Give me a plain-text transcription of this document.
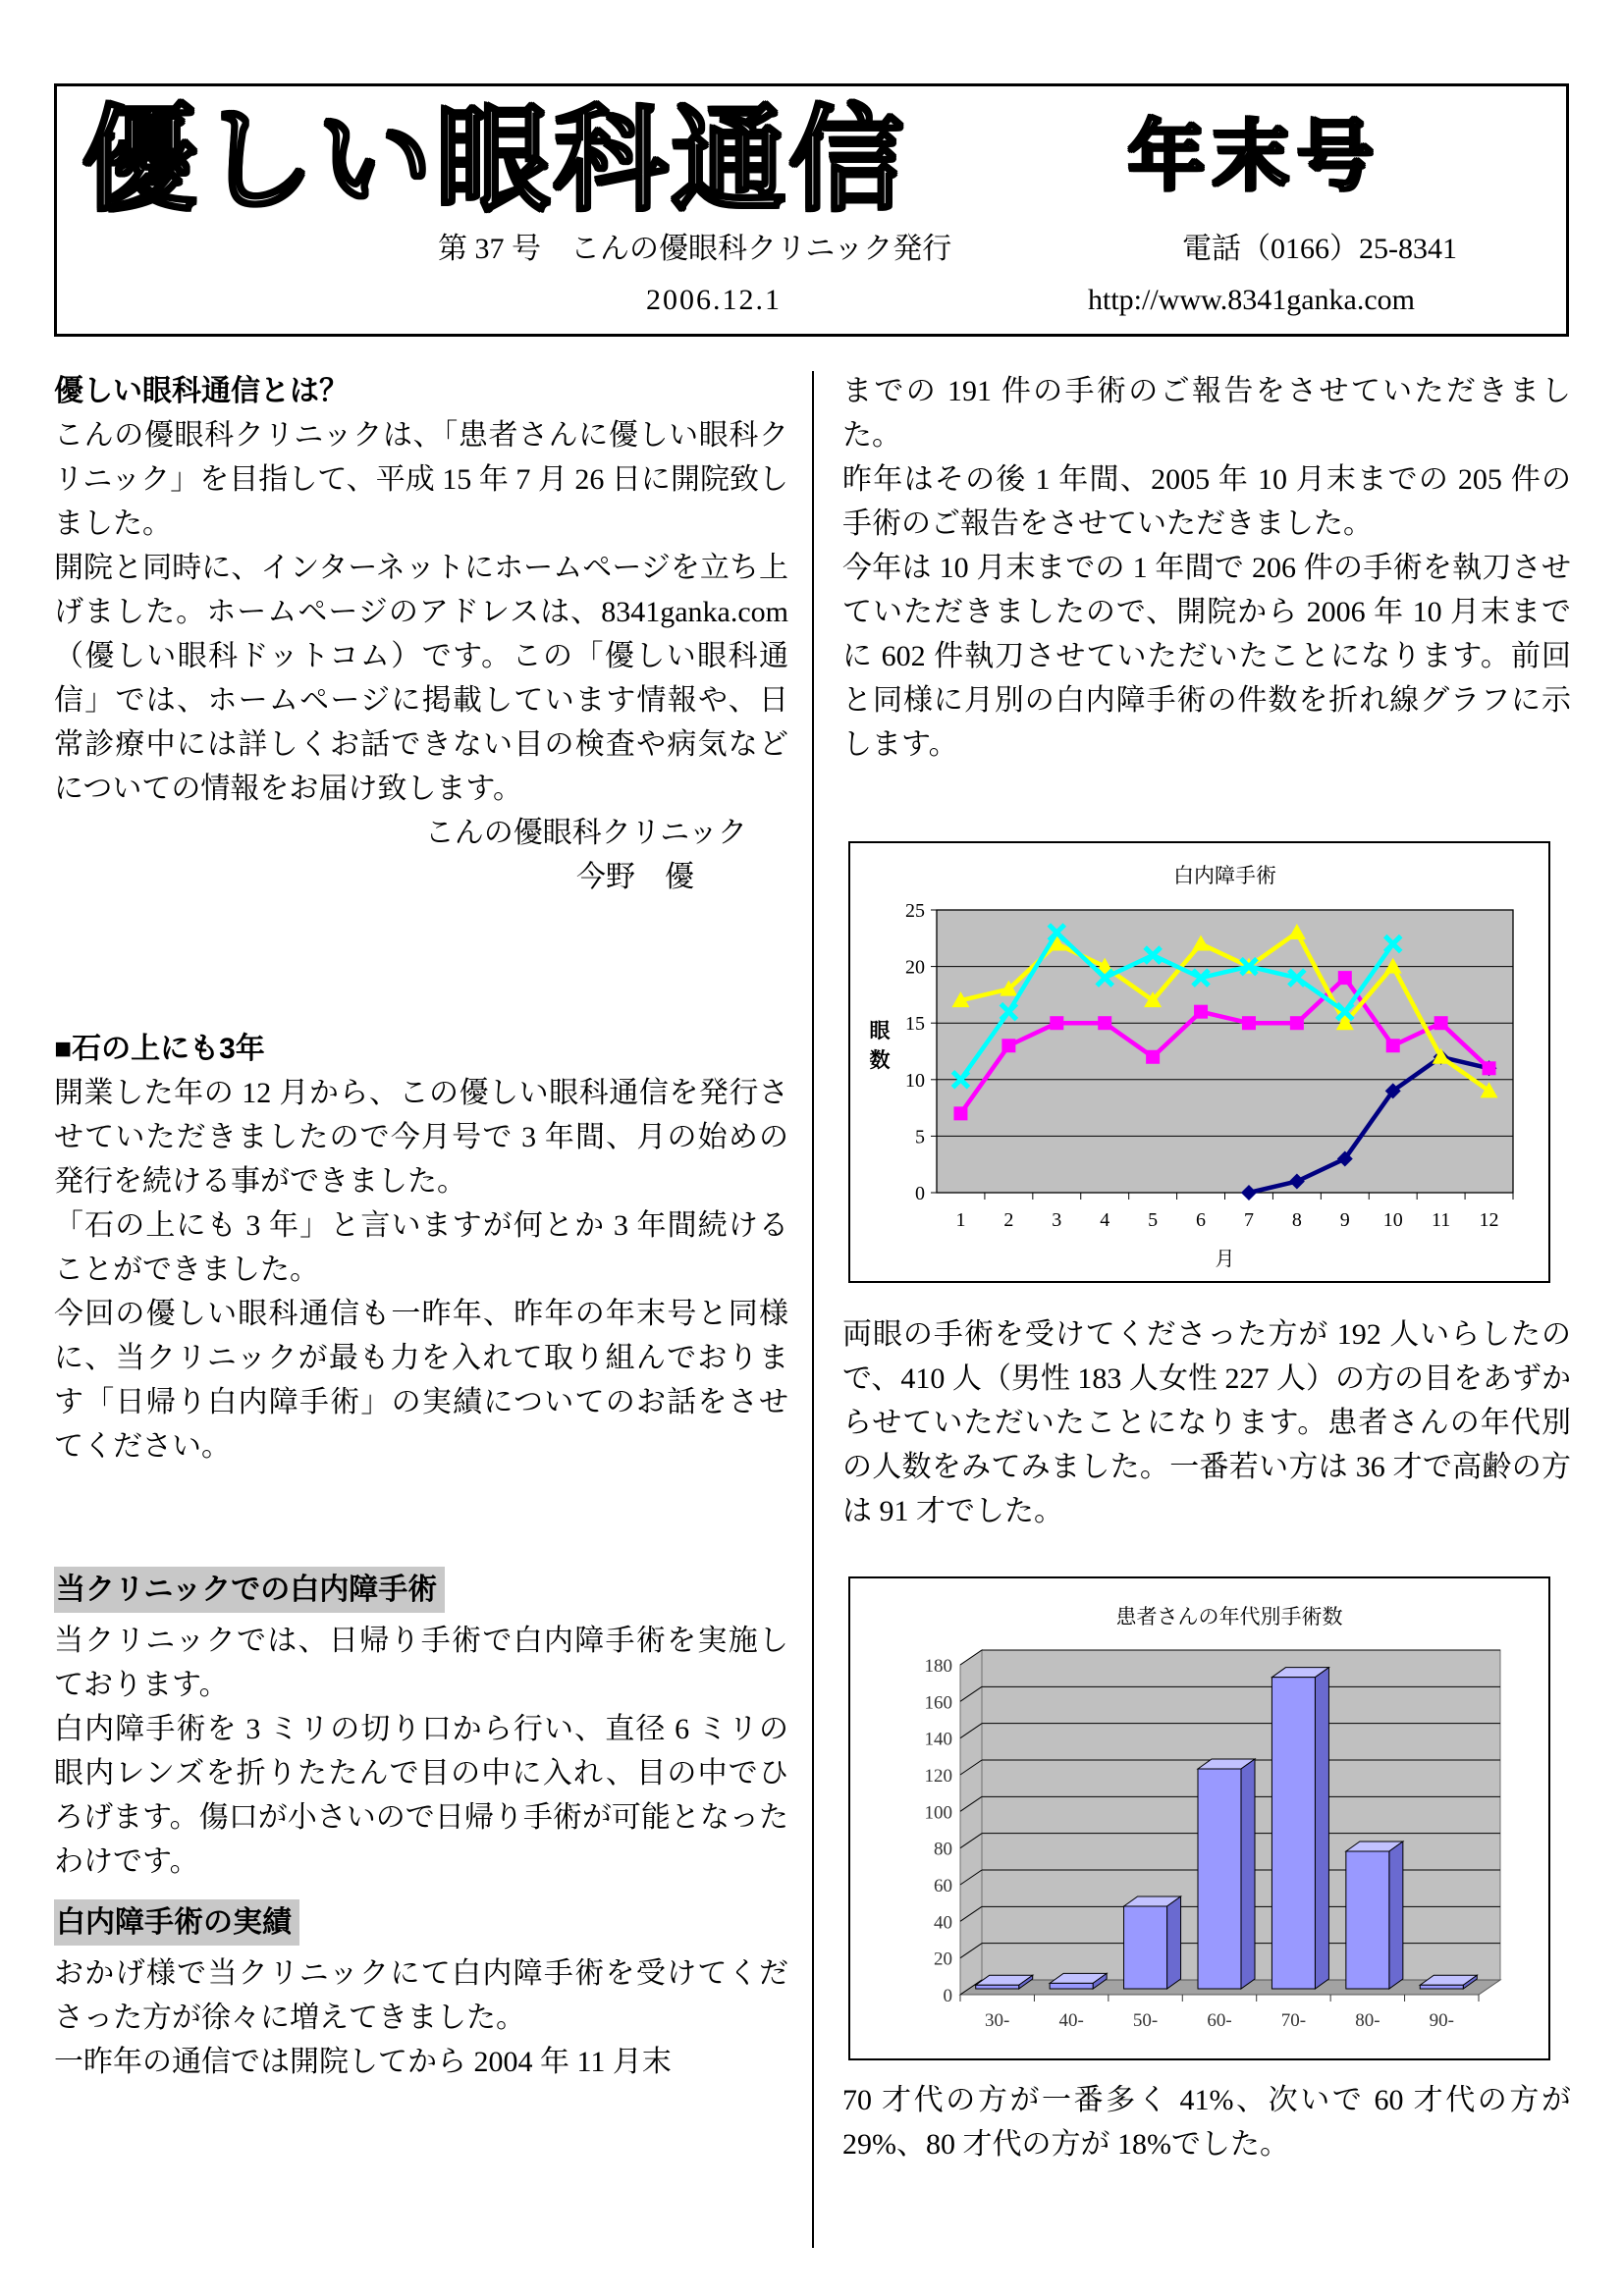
優しい眼科通信	年末号
第 37 号　こんの優眼科クリニック発行	電話（0166）25-8341
2006.12.1	http://www.8341ganka.com
優しい眼科通信とは？

こんの優眼科クリニックは、「患者さんに優しい眼科クリニック」を目指して、平成 15 年 7 月 26 日に開院致しました。

開院と同時に、インターネットにホームページを立ち上げました。ホームページのアドレスは、8341ganka.com（優しい眼科ドットコム）です。この「優しい眼科通信」では、ホームページに掲載しています情報や、日常診療中には詳しくお話できない目の検査や病気などについての情報をお届け致します。

こんの優眼科クリニック
今野　優
■石の上にも3年

開業した年の 12 月から、この優しい眼科通信を発行させていただきましたので今月号で 3 年間、月の始めの発行を続ける事ができました。

「石の上にも 3 年」と言いますが何とか 3 年間続けることができました。

今回の優しい眼科通信も一昨年、昨年の年末号と同様に、当クリニックが最も力を入れて取り組んでおります「日帰り白内障手術」の実績についてのお話をさせてください。

当クリニックでの白内障手術

当クリニックでは、日帰り手術で白内障手術を実施しております。

白内障手術を 3 ミリの切り口から行い、直径 6 ミリの眼内レンズを折りたたんで目の中に入れ、目の中でひろげます。傷口が小さいので日帰り手術が可能となったわけです。

白内障手術の実績

おかげ様で当クリニックにて白内障手術を受けてくださった方が徐々に増えてきました。

一昨年の通信では開院してから 2004 年 11 月末

までの 191 件の手術のご報告をさせていただきました。

昨年はその後 1 年間、2005 年 10 月末までの 205 件の手術のご報告をさせていただきました。

今年は 10 月末までの 1 年間で 206 件の手術を執刀させていただきましたので、開院から 2006 年 10 月末までに 602 件執刀させていただいたことになります。前回と同様に月別の白内障手術の件数を折れ線グラフに示します。

白内障手術
0
5
10
15
20
25
1 2 3 4 5 6 7 8 9 10 11 12
眼数
月

両眼の手術を受けてくださった方が 192 人いらしたので、410 人（男性 183 人女性 227 人）の方の目をあずからせていただいたことになります。患者さんの年代別の人数をみてみました。一番若い方は 36 才で高齢の方は 91 才でした。

患者さんの年代別手術数
0
20
40
60
80
100
120
140
160
180
30-	40-	50-	60-	70-	80-	90-

70 才代の方が一番多く 41%、次いで 60 才代の方が 29%、80 才代の方が 18%でした。
